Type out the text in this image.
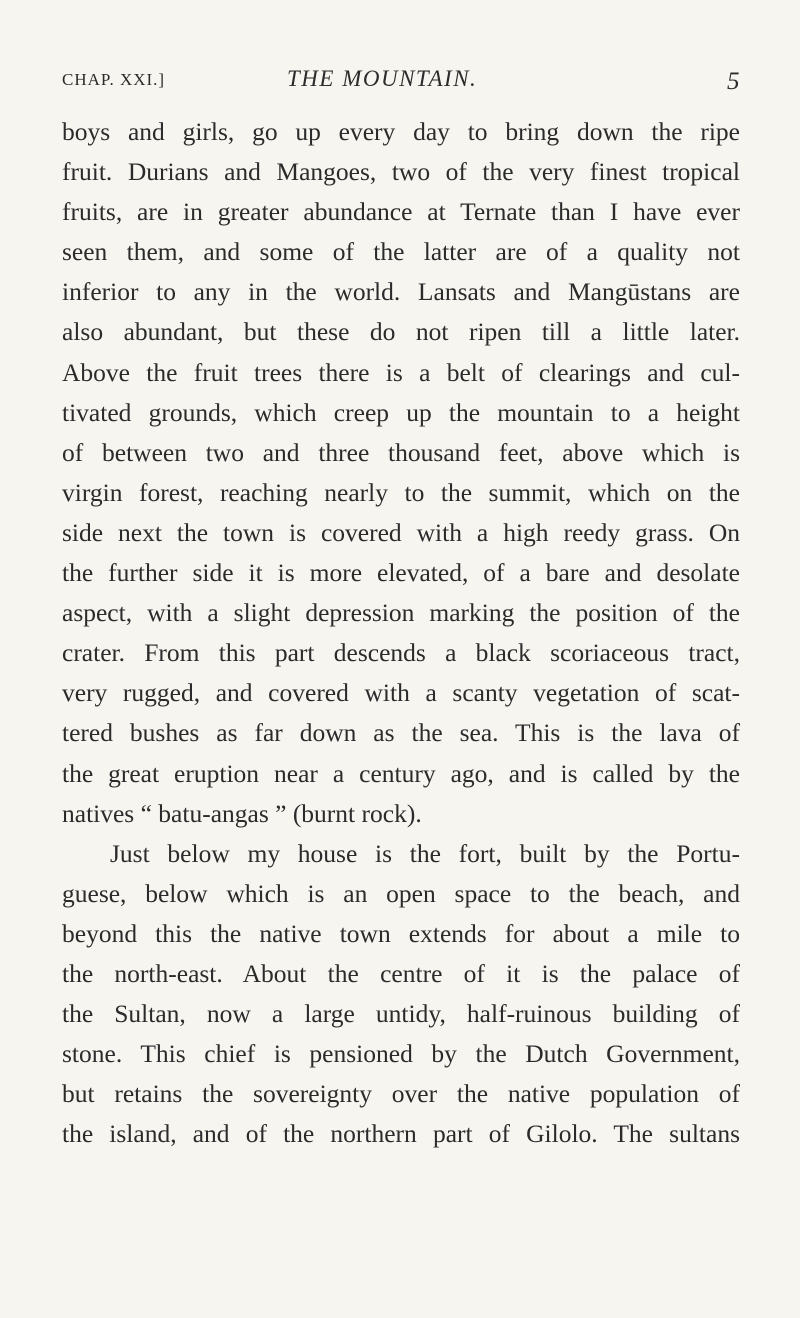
CHAP. XXI.]	THE MOUNTAIN.	5
boys and girls, go up every day to bring down the ripe
fruit. Durians and Mangoes, two of the very finest tropical
fruits, are in greater abundance at Ternate than I have ever
seen them, and some of the latter are of a quality not
inferior to any in the world. Lansats and Mangūstans are
also abundant, but these do not ripen till a little later.
Above the fruit trees there is a belt of clearings and cul-
tivated grounds, which creep up the mountain to a height
of between two and three thousand feet, above which is
virgin forest, reaching nearly to the summit, which on the
side next the town is covered with a high reedy grass. On
the further side it is more elevated, of a bare and desolate
aspect, with a slight depression marking the position of the
crater. From this part descends a black scoriaceous tract,
very rugged, and covered with a scanty vegetation of scat-
tered bushes as far down as the sea. This is the lava of
the great eruption near a century ago, and is called by the
natives “ batu-angas ” (burnt rock).
Just below my house is the fort, built by the Portu-
guese, below which is an open space to the beach, and
beyond this the native town extends for about a mile to
the north-east. About the centre of it is the palace of
the Sultan, now a large untidy, half-ruinous building of
stone. This chief is pensioned by the Dutch Government,
but retains the sovereignty over the native population of
the island, and of the northern part of Gilolo. The sultans
